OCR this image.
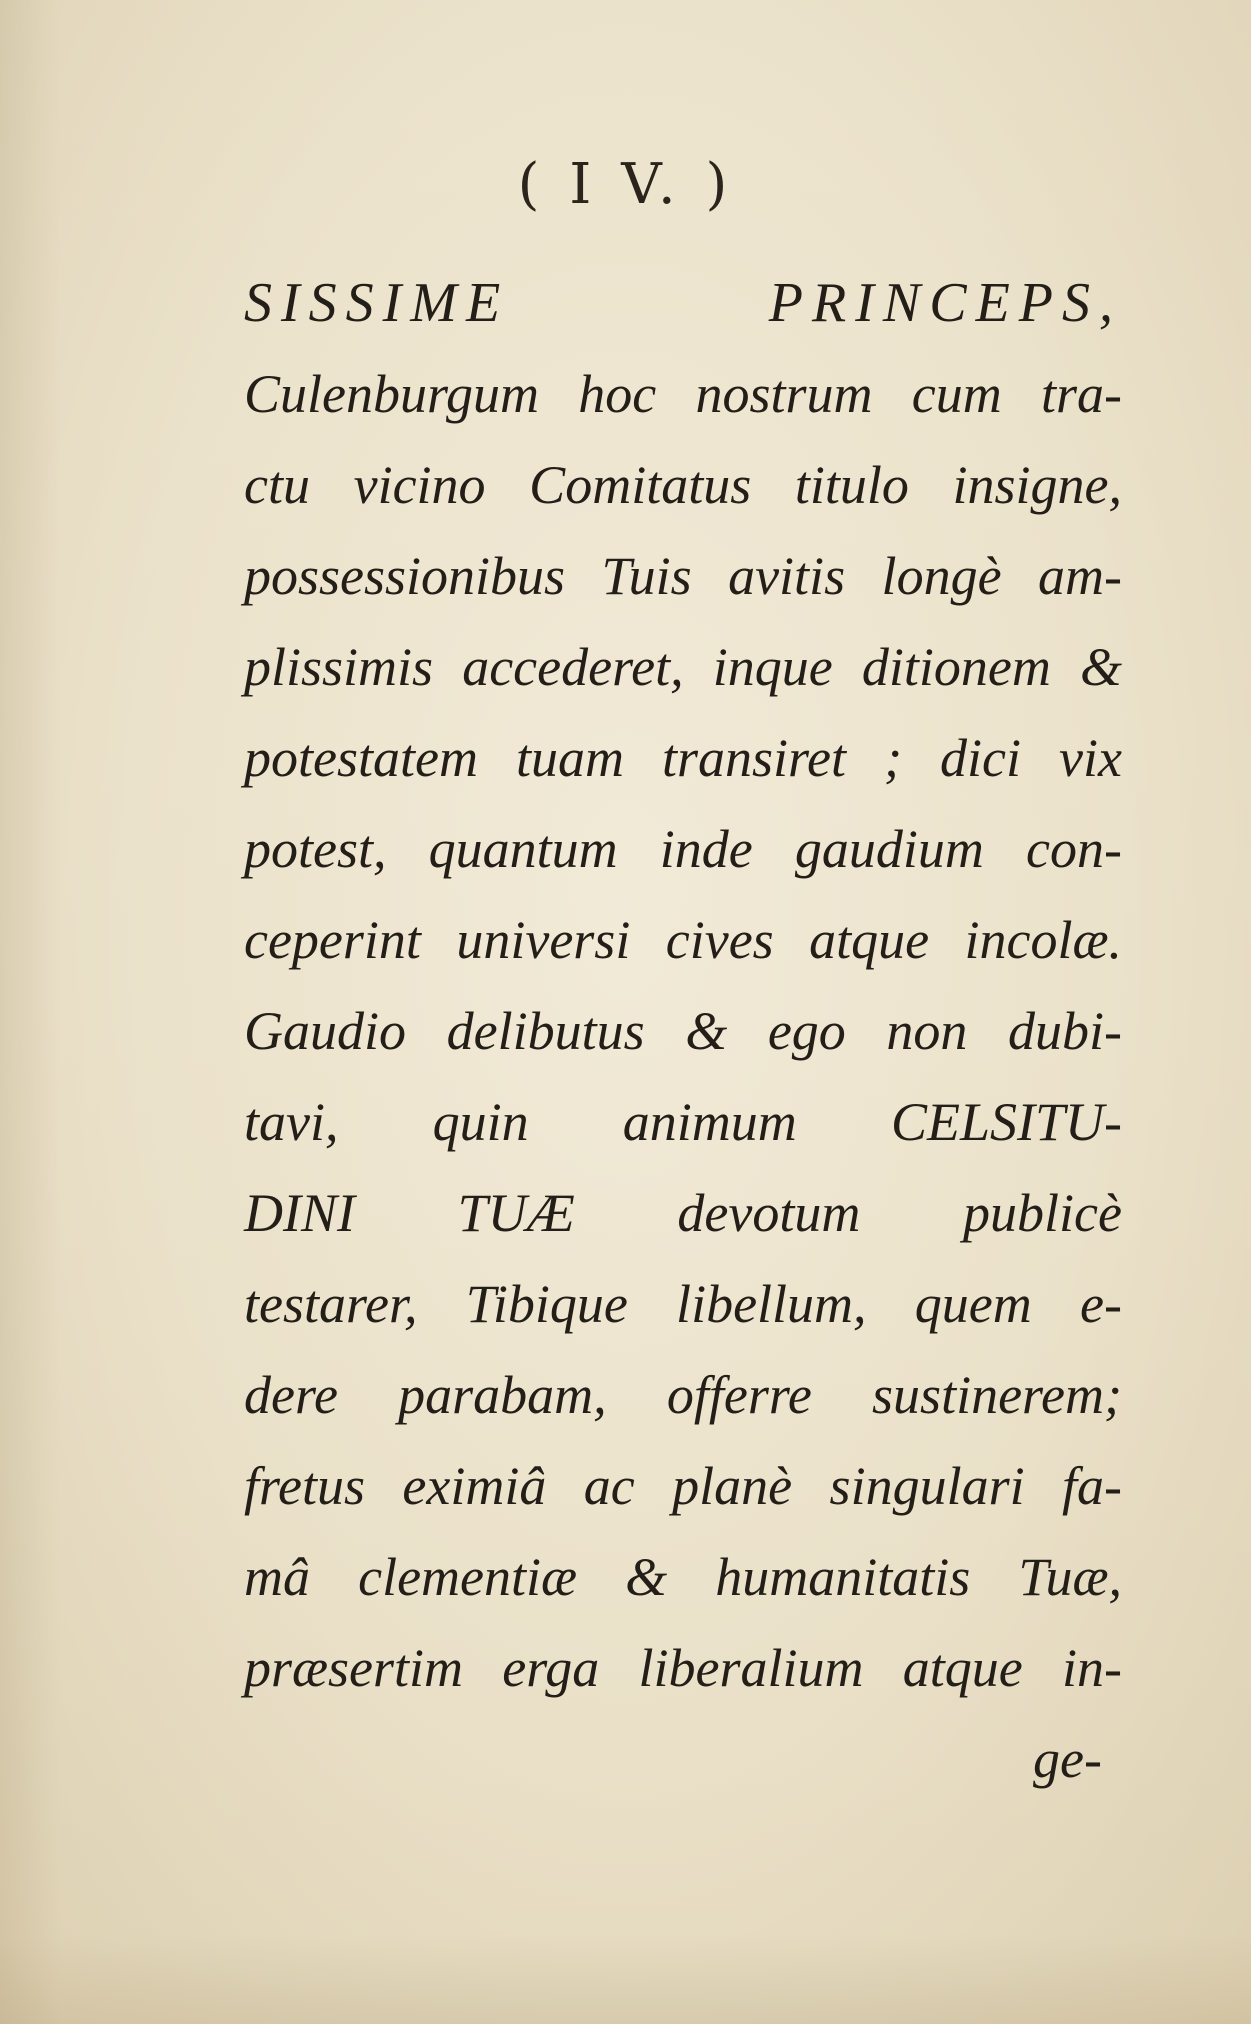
( I V. )
SISSIME PRINCEPS,
Culenburgum hoc nostrum cum tra-
ctu vicino Comitatus titulo insigne,
possessionibus Tuis avitis longè am-
plissimis accederet, inque ditionem &
potestatem tuam transiret ; dici vix
potest, quantum inde gaudium con-
ceperint universi cives atque incolæ.
Gaudio delibutus & ego non dubi-
tavi, quin animum CELSITU-
DINI TUÆ devotum publicè
testarer, Tibique libellum, quem e-
dere parabam, offerre sustinerem;
fretus eximiâ ac planè singulari fa-
mâ clementiæ & humanitatis Tuæ,
præsertim erga liberalium atque in-
ge-
